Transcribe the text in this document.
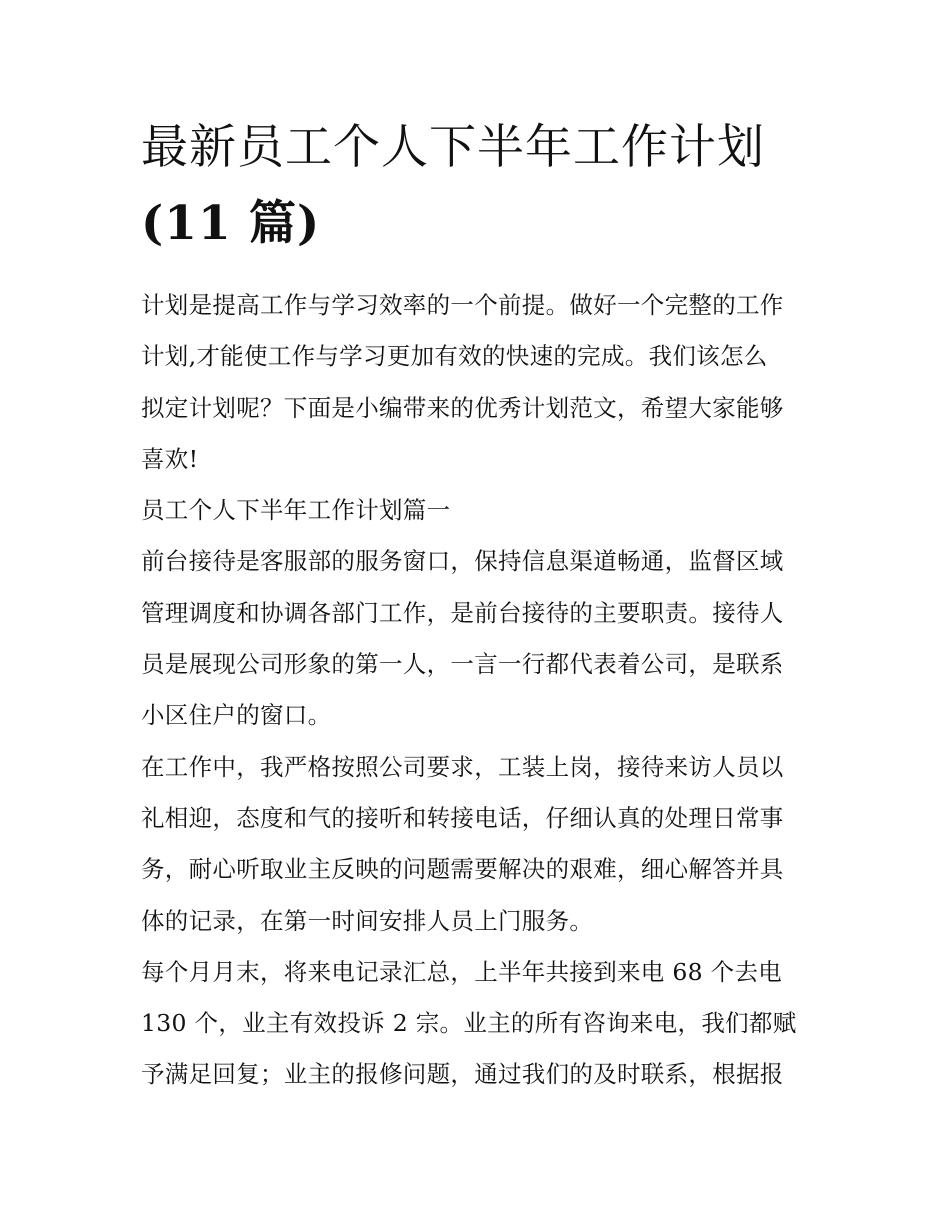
最新员工个人下半年工作计划
(11 篇)

计划是提高工作与学习效率的一个前提。做好一个完整的工作
计划,才能使工作与学习更加有效的快速的完成。我们该怎么
拟定计划呢？下面是小编带来的优秀计划范文，希望大家能够
喜欢!

员工个人下半年工作计划篇一

前台接待是客服部的服务窗口，保持信息渠道畅通，监督区域
管理调度和协调各部门工作，是前台接待的主要职责。接待人
员是展现公司形象的第一人，一言一行都代表着公司，是联系
小区住户的窗口。

在工作中，我严格按照公司要求，工装上岗，接待来访人员以
礼相迎，态度和气的接听和转接电话，仔细认真的处理日常事
务，耐心听取业主反映的问题需要解决的艰难，细心解答并具
体的记录，在第一时间安排人员上门服务。

每个月月末，将来电记录汇总，上半年共接到来电 68 个去电
130 个，业主有效投诉 2 宗。业主的所有咨询来电，我们都赋
予满足回复；业主的报修问题，通过我们的及时联系，根据报
